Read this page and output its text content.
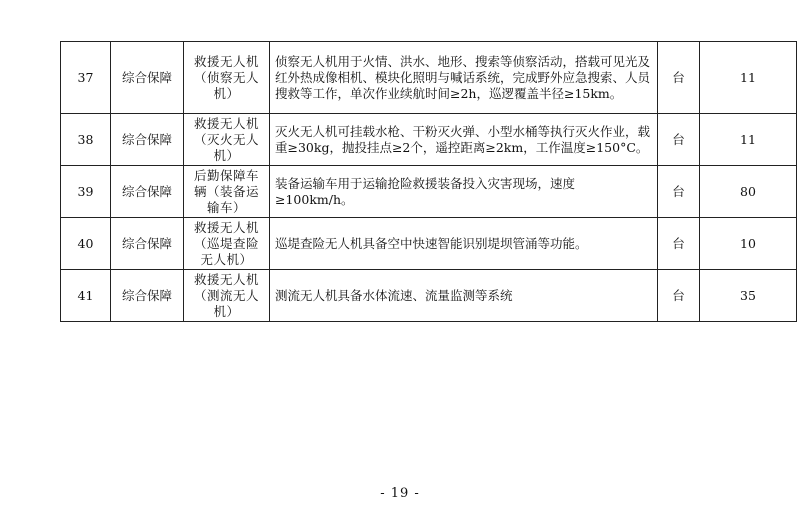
37	综合保障	救援无人机（侦察无人机）	侦察无人机用于火情、洪水、地形、搜索等侦察活动，搭载可见光及红外热成像相机、模块化照明与喊话系统，完成野外应急搜索、人员搜救等工作，单次作业续航时间≥2h，巡逻覆盖半径≥15km。	台	11
38	综合保障	救援无人机（灭火无人机）	灭火无人机可挂载水枪、干粉灭火弹、小型水桶等执行灭火作业，载重≥30kg，抛投挂点≥2个，遥控距离≥2km，工作温度≥150°C。	台	11
39	综合保障	后勤保障车辆（装备运输车）	装备运输车用于运输抢险救援装备投入灾害现场，速度≥100km/h。	台	80
40	综合保障	救援无人机（巡堤查险无人机）	巡堤查险无人机具备空中快速智能识别堤坝管涌等功能。	台	10
41	综合保障	救援无人机（测流无人机）	测流无人机具备水体流速、流量监测等系统	台	35
- 19 -
